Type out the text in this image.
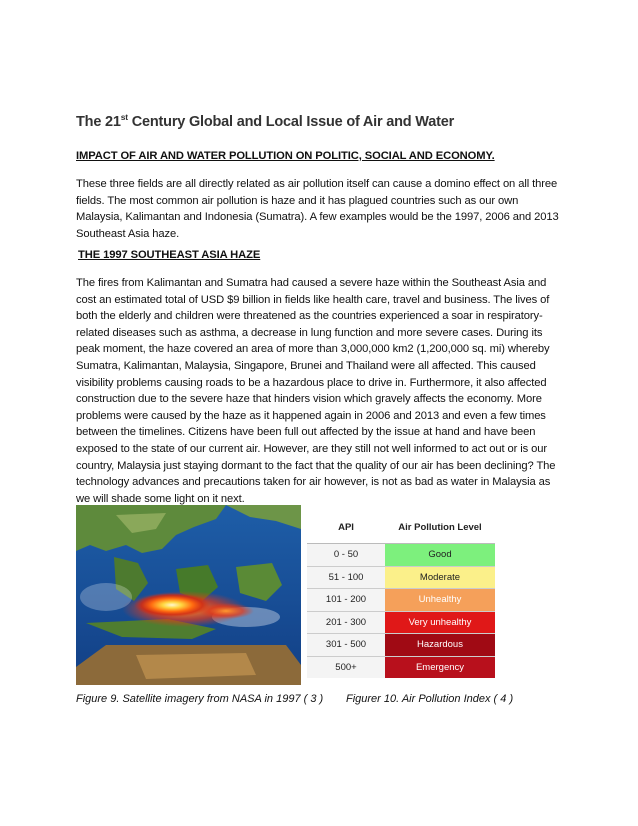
The 21st Century Global and Local Issue of Air and Water
IMPACT OF AIR AND WATER POLLUTION ON POLITIC, SOCIAL AND ECONOMY.

These three fields are all directly related as air pollution itself can cause a domino effect on all three fields. The most common air pollution is haze and it has plagued countries such as our own Malaysia, Kalimantan and Indonesia (Sumatra). A few examples would be the 1997, 2006 and 2013 Southeast Asia haze.

THE 1997 SOUTHEAST ASIA HAZE

The fires from Kalimantan and Sumatra had caused a severe haze within the Southeast Asia and cost an estimated total of USD $9 billion in fields like health care, travel and business. The lives of both the elderly and children were threatened as the countries experienced a soar in respiratory-related diseases such as asthma, a decrease in lung function and more severe cases. During its peak moment, the haze covered an area of more than 3,000,000 km2 (1,200,000 sq. mi) whereby Sumatra, Kalimantan, Malaysia, Singapore, Brunei and Thailand were all affected. This caused visibility problems causing roads to be a hazardous place to drive in. Furthermore, it also affected construction due to the severe haze that hinders vision which gravely affects the economy. More problems were caused by the haze as it happened again in 2006 and 2013 and even a few times between the timelines. Citizens have been full out affected by the issue at hand and have been exposed to the state of our current air. However, are they still not well informed to act out or is our country, Malaysia just staying dormant to the fact that the quality of our air has been declining? The technology advances and precautions taken for air however, is not as bad as water in Malaysia as we will shade some light on it next.

API	Air Pollution Level
0 - 50	Good
51 - 100	Moderate
101 - 200	Unhealthy
201 - 300	Very unhealthy
301 - 500	Hazardous
500+	Emergency
Figure 9. Satellite imagery from NASA in 1997 ( 3 ) Figurer 10. Air Pollution Index ( 4 )
